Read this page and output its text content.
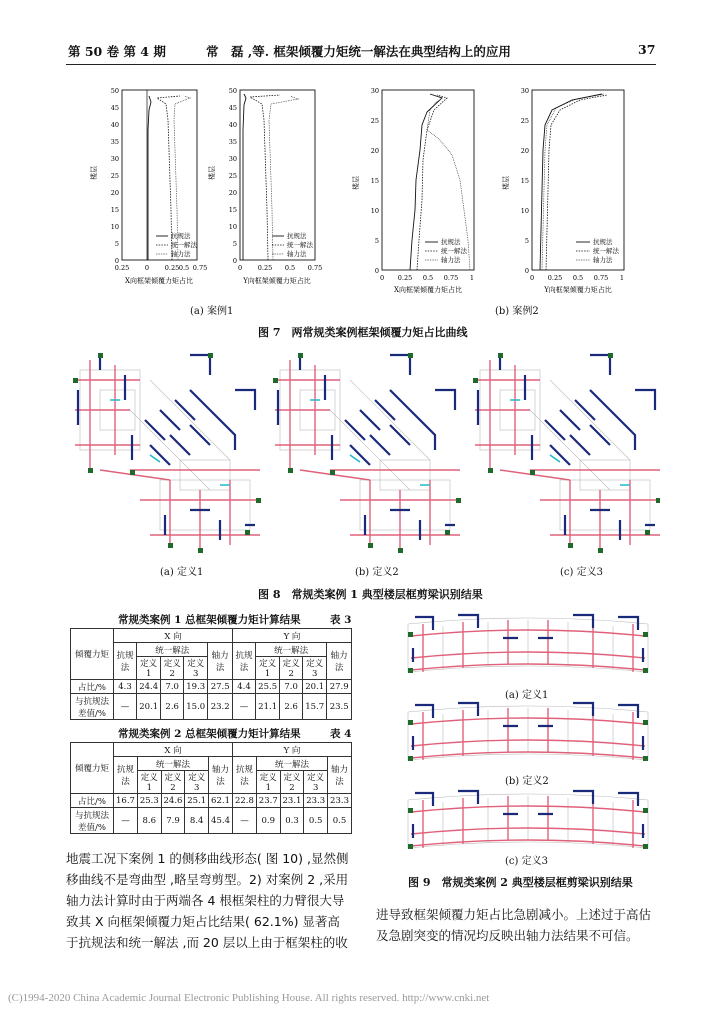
第 50 卷 第 4 期	常　磊 ,等. 框架倾覆力矩统一解法在典型结构上的应用	37
50
45
40
35
30
25
20
15
10
5
0
0.25 0 0.25 0.5 0.75
楼层
X向框架倾覆力矩占比
抗规法
统一解法
轴力法
50
45
40
35
30
25
20
15
10
5
0
0 0.25 0.5 0.75
楼层
Y向框架倾覆力矩占比
抗规法
统一解法
轴力法
30
25
20
15
10
5
0
0 0.25 0.5 0.75 1
楼层
X向框架倾覆力矩占比
抗规法
统一解法
轴力法
30
25
20
15
10
5
0
0 0.25 0.5 0.75 1
楼层
Y向框架倾覆力矩占比
抗规法
统一解法
轴力法
(a) 案例1	(b) 案例2
图 7　两常规类案例框架倾覆力矩占比曲线
(a) 定义1	(b) 定义2	(c) 定义3
图 8　常规类案例 1 典型楼层框剪梁识别结果
常规类案例 1 总框架倾覆力矩计算结果	表 3
倾覆力矩	X 向					Y 向				
	抗规法	统一解法			轴力法	抗规法	统一解法			轴力法
		定义 1	定义 2	定义 3			定义 1	定义 2	定义 3	
占比/%	4.3	24.4	7.0	19.3	27.5	4.4	25.5	7.0	20.1	27.9
与抗规法差值/%	—	20.1	2.6	15.0	23.2	—	21.1	2.6	15.7	23.5
常规类案例 2 总框架倾覆力矩计算结果	表 4
倾覆力矩	X 向					Y 向				
	抗规法	统一解法			轴力法	抗规法	统一解法			轴力法
		定义 1	定义 2	定义 3			定义 1	定义 2	定义 3	
占比/%	16.7	25.3	24.6	25.1	62.1	22.8	23.7	23.1	23.3	23.3
与抗规法差值/%	—	8.6	7.9	8.4	45.4	—	0.9	0.3	0.5	0.5
(a) 定义1
(b) 定义2
(c) 定义3
图 9　常规类案例 2 典型楼层框剪梁识别结果
地震工况下案例 1 的侧移曲线形态( 图 10) ,显然侧
移曲线不是弯曲型 ,略呈弯剪型。2) 对案例 2 ,采用
轴力法计算时由于两端各 4 根框架柱的力臂很大导
致其 X 向框架倾覆力矩占比结果( 62.1%) 显著高
于抗规法和统一解法 ,而 20 层以上由于框架柱的收
进导致框架倾覆力矩占比急剧减小。上述过于高估
及急剧突变的情况均反映出轴力法结果不可信。
(C)1994-2020 China Academic Journal Electronic Publishing House. All rights reserved. http://www.cnki.net
